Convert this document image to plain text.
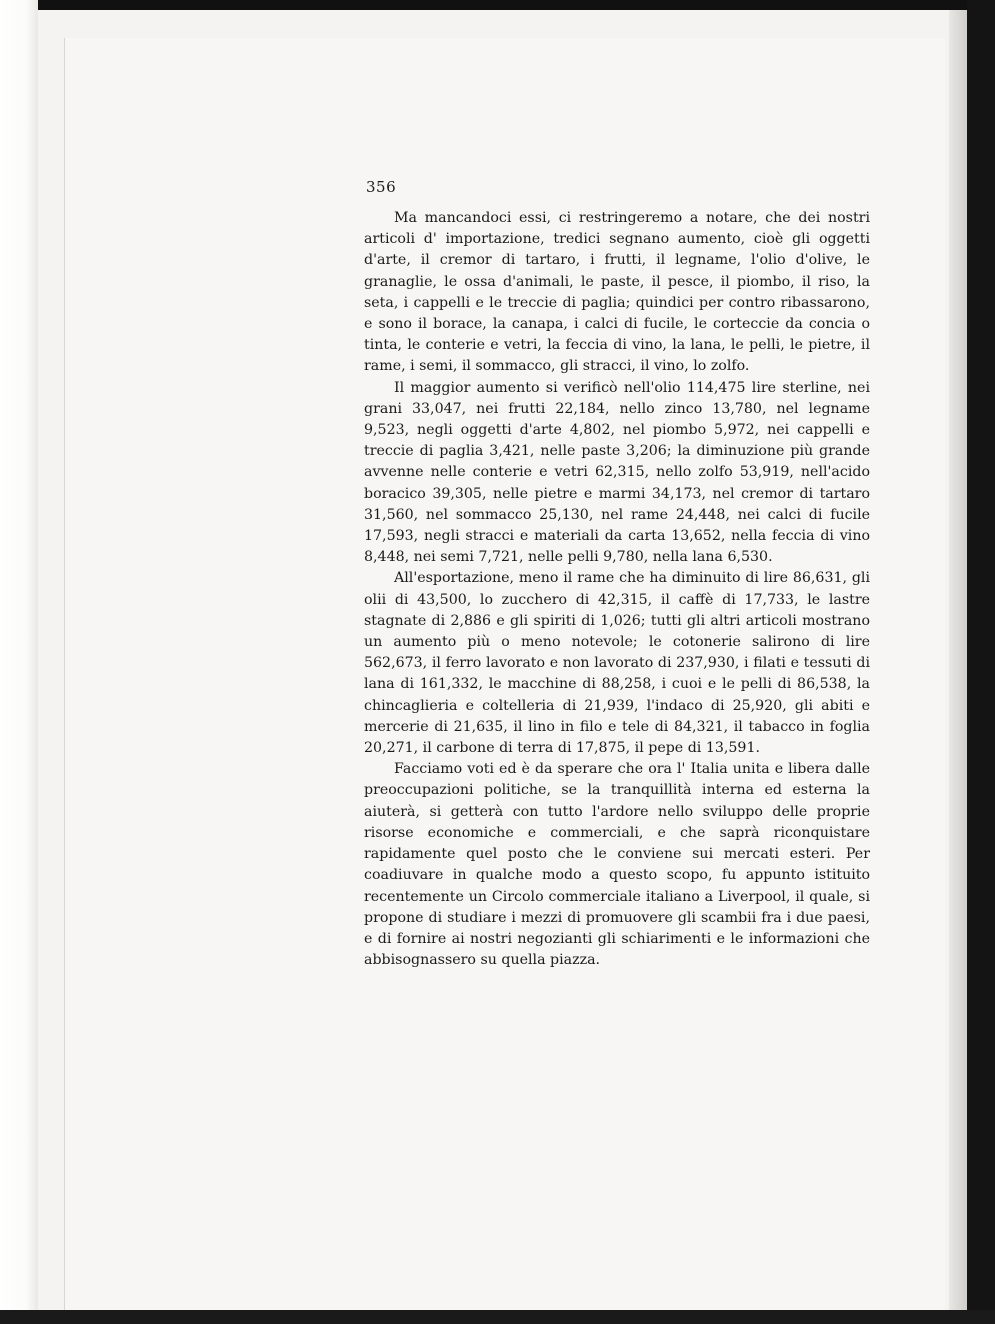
356

Ma mancandoci essi, ci restringeremo a notare, che dei nostri articoli d' importazione, tredici segnano aumento, cioè gli oggetti d'arte, il cremor di tartaro, i frutti, il legname, l'olio d'olive, le granaglie, le ossa d'animali, le paste, il pesce, il piombo, il riso, la seta, i cappelli e le treccie di paglia; quindici per contro ribassarono, e sono il borace, la canapa, i calci di fucile, le corteccie da concia o tinta, le conterie e vetri, la feccia di vino, la lana, le pelli, le pietre, il rame, i semi, il sommacco, gli stracci, il vino, lo zolfo.

Il maggior aumento si verificò nell'olio 114,475 lire sterline, nei grani 33,047, nei frutti 22,184, nello zinco 13,780, nel legname 9,523, negli oggetti d'arte 4,802, nel piombo 5,972, nei cappelli e treccie di paglia 3,421, nelle paste 3,206; la diminuzione più grande avvenne nelle conterie e vetri 62,315, nello zolfo 53,919, nell'acido boracico 39,305, nelle pietre e marmi 34,173, nel cremor di tartaro 31,560, nel sommacco 25,130, nel rame 24,448, nei calci di fucile 17,593, negli stracci e materiali da carta 13,652, nella feccia di vino 8,448, nei semi 7,721, nelle pelli 9,780, nella lana 6,530.

All'esportazione, meno il rame che ha diminuito di lire 86,631, gli olii di 43,500, lo zucchero di 42,315, il caffè di 17,733, le lastre stagnate di 2,886 e gli spiriti di 1,026; tutti gli altri articoli mostrano un aumento più o meno notevole; le cotonerie salirono di lire 562,673, il ferro lavorato e non lavorato di 237,930, i filati e tessuti di lana di 161,332, le macchine di 88,258, i cuoi e le pelli di 86,538, la chincaglieria e coltelleria di 21,939, l'indaco di 25,920, gli abiti e mercerie di 21,635, il lino in filo e tele di 84,321, il tabacco in foglia 20,271, il carbone di terra di 17,875, il pepe di 13,591.

Facciamo voti ed è da sperare che ora l' Italia unita e libera dalle preoccupazioni politiche, se la tranquillità interna ed esterna la aiuterà, si getterà con tutto l'ardore nello sviluppo delle proprie risorse economiche e commerciali, e che saprà riconquistare rapidamente quel posto che le conviene sui mercati esteri. Per coadiuvare in qualche modo a questo scopo, fu appunto istituito recentemente un Circolo commerciale italiano a Liverpool, il quale, si propone di studiare i mezzi di promuovere gli scambii fra i due paesi, e di fornire ai nostri negozianti gli schiarimenti e le informazioni che abbisognassero su quella piazza.
